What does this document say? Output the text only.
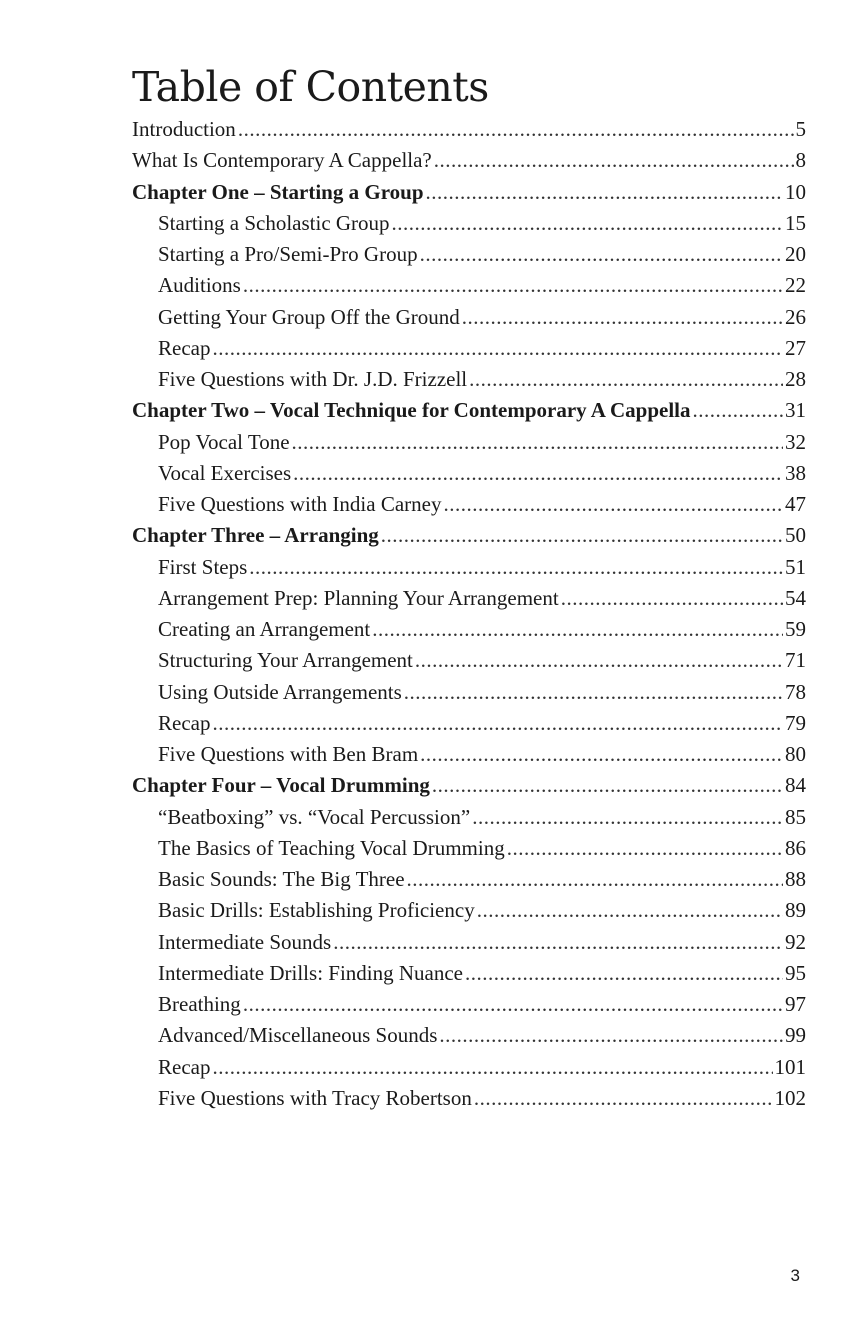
Table of Contents
Introduction .....	5
What Is Contemporary A Cappella? .....	8
Chapter One – Starting a Group .....	10
Starting a Scholastic Group .....	15
Starting a Pro/Semi-Pro Group .....	20
Auditions .....	22
Getting Your Group Off the Ground .....	26
Recap .....	27
Five Questions with Dr. J.D. Frizzell .....	28
Chapter Two – Vocal Technique for Contemporary A Cappella .....	31
Pop Vocal Tone .....	32
Vocal Exercises .....	38
Five Questions with India Carney .....	47
Chapter Three – Arranging .....	50
First Steps .....	51
Arrangement Prep: Planning Your Arrangement .....	54
Creating an Arrangement .....	59
Structuring Your Arrangement .....	71
Using Outside Arrangements .....	78
Recap .....	79
Five Questions with Ben Bram .....	80
Chapter Four – Vocal Drumming .....	84
“Beatboxing” vs. “Vocal Percussion” .....	85
The Basics of Teaching Vocal Drumming .....	86
Basic Sounds: The Big Three .....	88
Basic Drills: Establishing Proficiency .....	89
Intermediate Sounds .....	92
Intermediate Drills: Finding Nuance .....	95
Breathing .....	97
Advanced/Miscellaneous Sounds .....	99
Recap .....	101
Five Questions with Tracy Robertson .....	102
3
